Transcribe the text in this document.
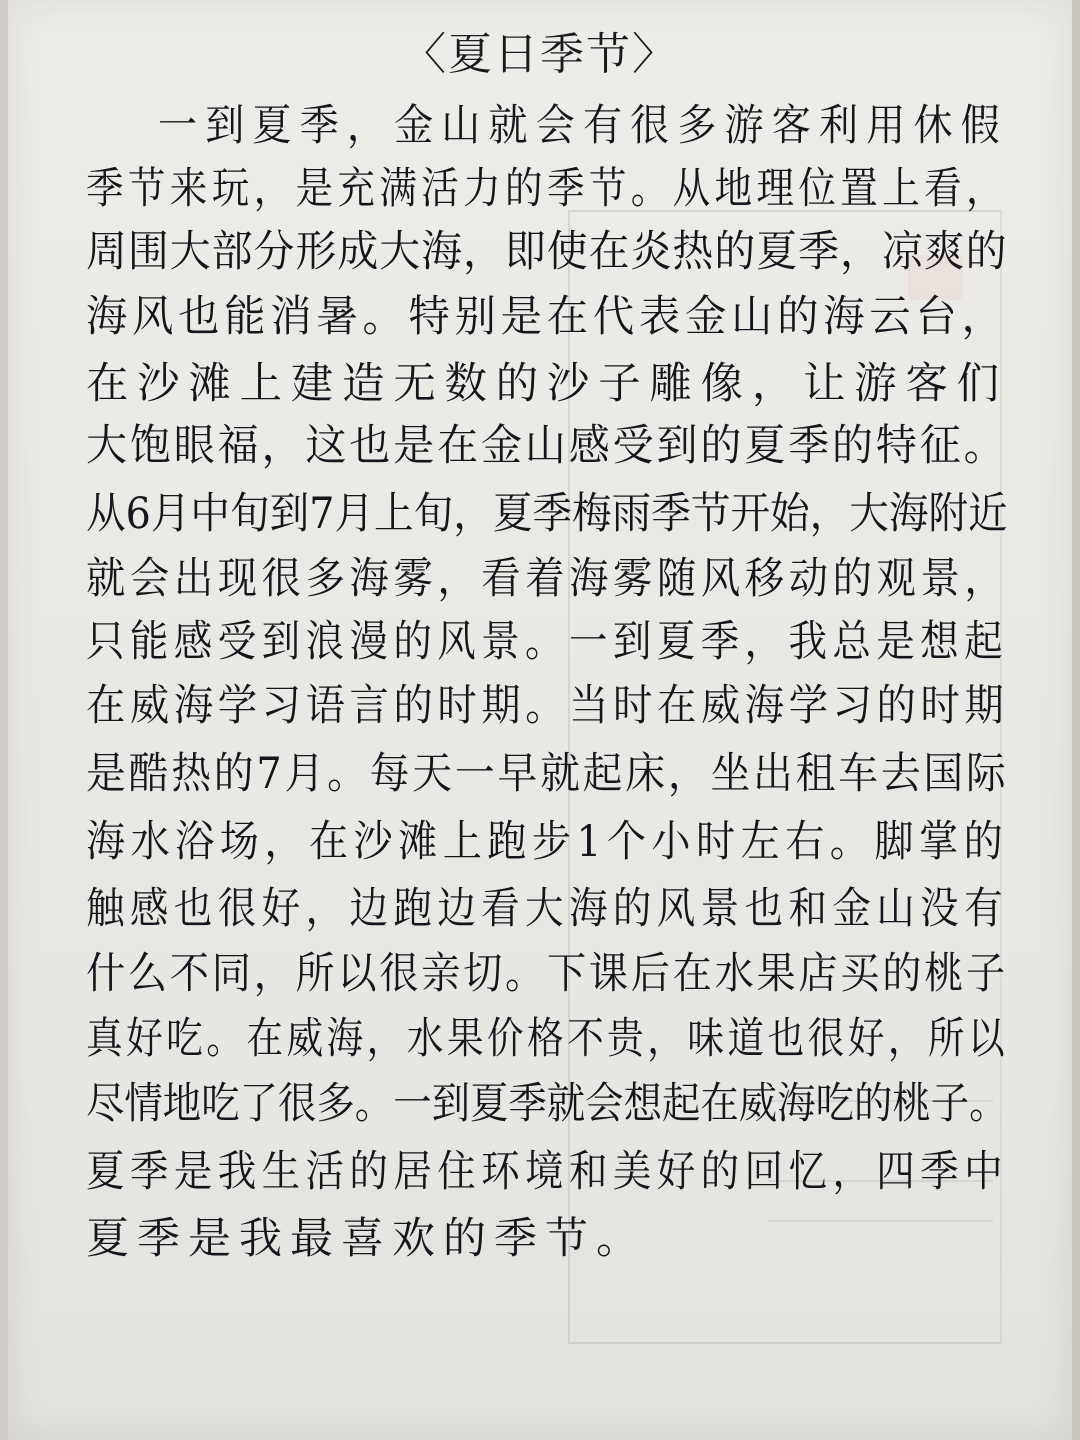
〈夏日季节〉
一到夏季，金山就会有很多游客利用休假
季节来玩，是充满活力的季节。从地理位置上看，
周围大部分形成大海，即使在炎热的夏季，凉爽的
海风也能消暑。特别是在代表金山的海云台，
在沙滩上建造无数的沙子雕像，让游客们
大饱眼福，这也是在金山感受到的夏季的特征。
从6月中旬到7月上旬，夏季梅雨季节开始，大海附近
就会出现很多海雾，看着海雾随风移动的观景，
只能感受到浪漫的风景。一到夏季，我总是想起
在威海学习语言的时期。当时在威海学习的时期
是酷热的7月。每天一早就起床，坐出租车去国际
海水浴场，在沙滩上跑步1个小时左右。脚掌的
触感也很好，边跑边看大海的风景也和金山没有
什么不同，所以很亲切。下课后在水果店买的桃子
真好吃。在威海，水果价格不贵，味道也很好，所以
尽情地吃了很多。一到夏季就会想起在威海吃的桃子。
夏季是我生活的居住环境和美好的回忆，四季中
夏季是我最喜欢的季节。
